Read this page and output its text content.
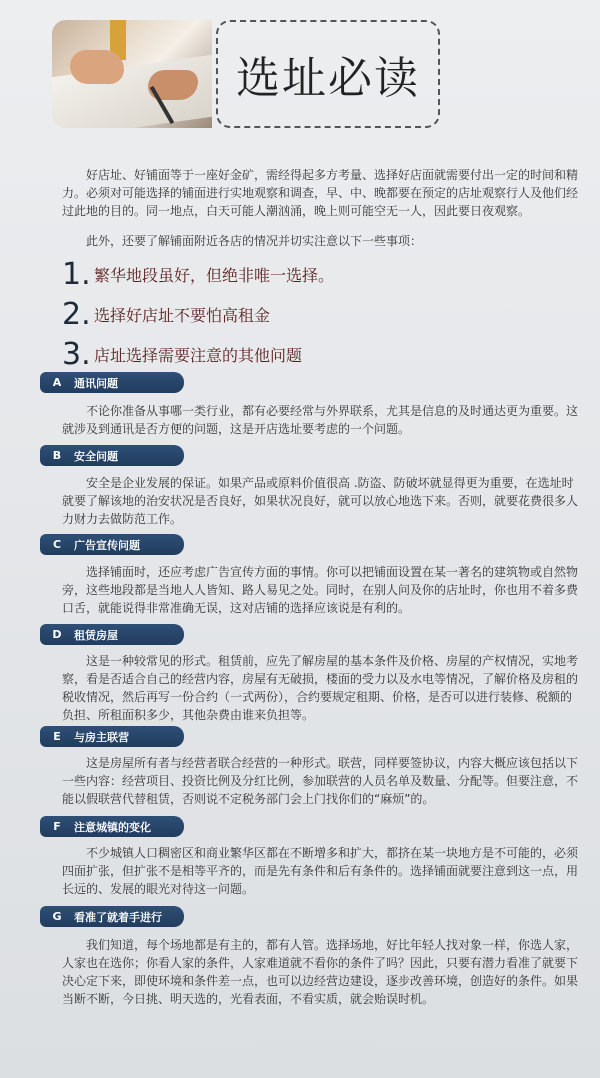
选址必读

好店址、好铺面等于一座好金矿，需经得起多方考量、选择好店面就需要付出一定的时间和精力。必须对可能选择的铺面进行实地观察和调查，早、中、晚都要在预定的店址观察行人及他们经过此地的目的。同一地点，白天可能人潮汹涌，晚上则可能空无一人，因此要日夜观察。

此外，还要了解铺面附近各店的情况并切实注意以下一些事项：

1. 繁华地段虽好，但绝非唯一选择。
2. 选择好店址不要怕高租金
3. 店址选择需要注意的其他问题
A	通讯问题

不论你准备从事哪一类行业，都有必要经常与外界联系，尤其是信息的及时通达更为重要。这就涉及到通讯是否方便的问题，这是开店选址要考虑的一个问题。

B	安全问题

安全是企业发展的保证。如果产品或原料价值很高 .防盗、防破坏就显得更为重要，在选址时就要了解该地的治安状况是否良好，如果状况良好，就可以放心地选下来。否则，就要花费很多人力财力去做防范工作。

C	广告宣传问题

选择铺面时，还应考虑广告宣传方面的事情。你可以把铺面设置在某一著名的建筑物或自然物旁，这些地段都是当地人人皆知、路人易见之处。同时，在别人问及你的店址时，你也用不着多费口舌，就能说得非常准确无误，这对店铺的选择应该说是有利的。

D	租赁房屋

这是一种较常见的形式。租赁前，应先了解房屋的基本条件及价格、房屋的产权情况，实地考察，看是否适合自己的经营内容，房屋有无破损，楼面的受力以及水电等情况，了解价格及房租的税收情况，然后再写一份合约（一式两份），合约要规定租期、价格，是否可以进行装修、税额的负担、所租面积多少，其他杂费由谁来负担等。

E	与房主联营

这是房屋所有者与经营者联合经营的一种形式。联营，同样要签协议，内容大概应该包括以下一些内容：经营项目、投资比例及分红比例，参加联营的人员名单及数量、分配等。但要注意，不能以假联营代替租赁，否则说不定税务部门会上门找你们的“麻烦”的。

F	注意城镇的变化

不少城镇人口稠密区和商业繁华区都在不断增多和扩大，都挤在某一块地方是不可能的，必须四面扩张，但扩张不是相等平齐的，而是先有条件和后有条件的。选择铺面就要注意到这一点，用长远的、发展的眼光对待这一问题。

G	看准了就着手进行

我们知道，每个场地都是有主的，都有人管。选择场地，好比年轻人找对象一样，你选人家，人家也在选你；你看人家的条件，人家难道就不看你的条件了吗？因此，只要有潜力看准了就要下决心定下来，即使环境和条件差一点，也可以边经营边建设，逐步改善环境，创造好的条件。如果当断不断，今日挑、明天选的，光看表面，不看实质，就会贻误时机。
